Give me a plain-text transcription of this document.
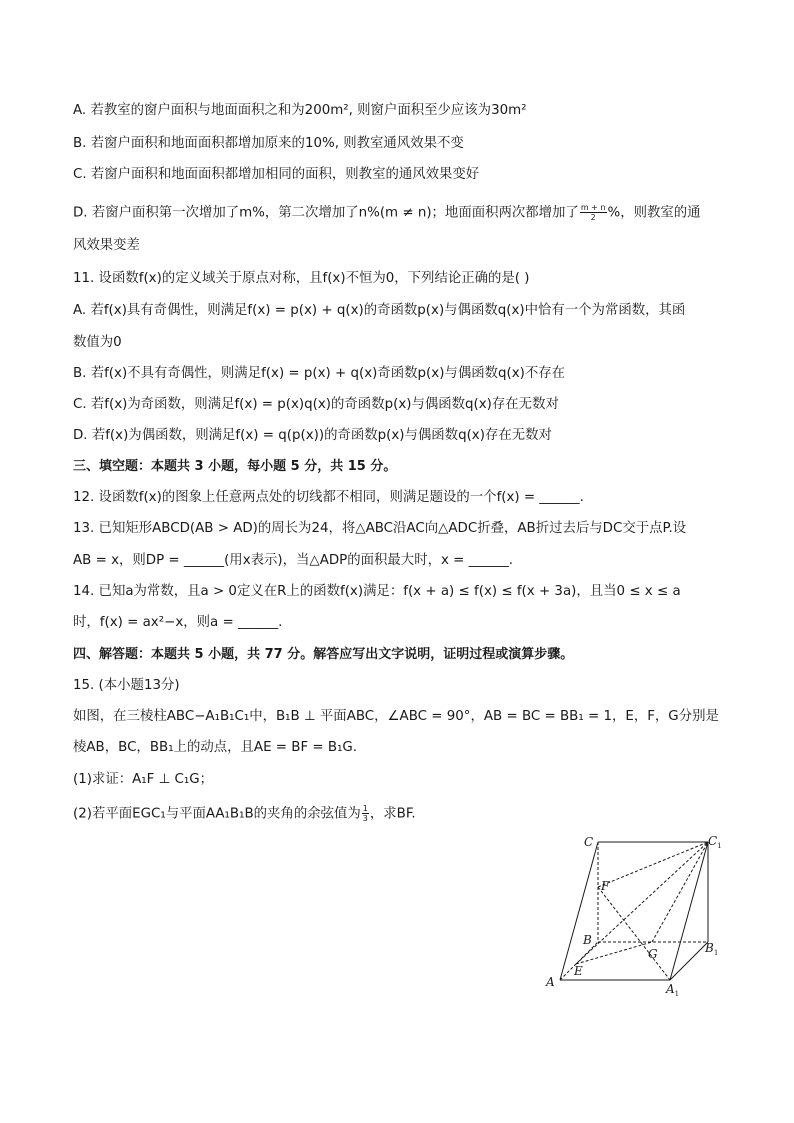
A. 若教室的窗户面积与地面面积之和为200m², 则窗户面积至少应该为30m²
B. 若窗户面积和地面面积都增加原来的10%, 则教室通风效果不变
C. 若窗户面积和地面面积都增加相同的面积，则教室的通风效果变好
D. 若窗户面积第一次增加了m%，第二次增加了n%(m ≠ n)；地面面积两次都增加了 $\frac{m + n}{2}$ %，则教室的通
风效果变差
11. 设函数f(x)的定义域关于原点对称，且f(x)不恒为0，下列结论正确的是( )
A. 若f(x)具有奇偶性，则满足f(x) = p(x) + q(x)的奇函数p(x)与偶函数q(x)中恰有一个为常函数，其函
数值为0
B. 若f(x)不具有奇偶性，则满足f(x) = p(x) + q(x)奇函数p(x)与偶函数q(x)不存在
C. 若f(x)为奇函数，则满足f(x) = p(x)q(x)的奇函数p(x)与偶函数q(x)存在无数对
D. 若f(x)为偶函数，则满足f(x) = q(p(x))的奇函数p(x)与偶函数q(x)存在无数对
三、填空题：本题共 3 小题，每小题 5 分，共 15 分。
12. 设函数f(x)的图象上任意两点处的切线都不相同，则满足题设的一个f(x) = ______.
13. 已知矩形ABCD(AB > AD)的周长为24，将△ABC沿AC向△ADC折叠，AB折过去后与DC交于点P.设
AB = x，则DP = ______(用x表示)，当△ADP的面积最大时，x = ______.
14. 已知a为常数，且a > 0定义在R上的函数f(x)满足：f(x + a) ≤ f(x) ≤ f(x + 3a)，且当0 ≤ x ≤ a
时，f(x) = ax²−x，则a = ______.
四、解答题：本题共 5 小题，共 77 分。解答应写出文字说明，证明过程或演算步骤。
15. (本小题13分)
如图，在三棱柱ABC−A₁B₁C₁中，B₁B ⊥ 平面ABC，∠ABC = 90°，AB = BC = BB₁ = 1，E，F，G分别是
棱AB，BC，BB₁上的动点，且AE = BF = B₁G.
(1)求证：A₁F ⊥ C₁G；
(2)若平面EGC₁与平面AA₁B₁B的夹角的余弦值为 $\frac{1}{3}$ ，求BF.
C	$C_1$
F
B
G	$B_1$
A
E
$A_1$
